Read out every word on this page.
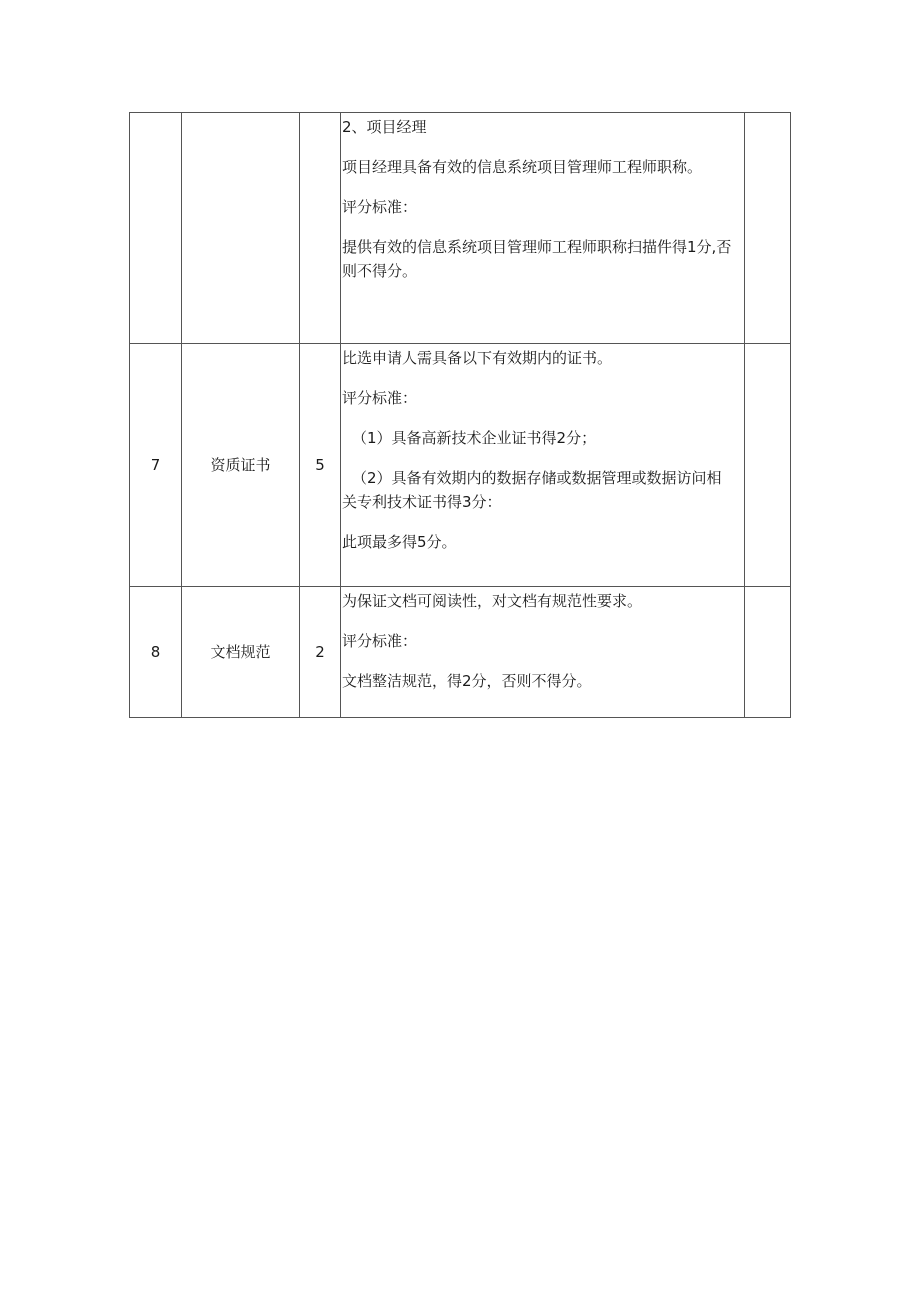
			2、项目经理

项目经理具备有效的信息系统项目管理师工程师职称。

评分标准：

提供有效的信息系统项目管理师工程师职称扫描件得1分,否则不得分。	

7	资质证书	5	比选申请人需具备以下有效期内的证书。

评分标准：

（1）具备高新技术企业证书得2分；

（2）具备有效期内的数据存储或数据管理或数据访问相关专利技术证书得3分：

此项最多得5分。	

8	文档规范	2	为保证文档可阅读性，对文档有规范性要求。

评分标准：

文档整洁规范，得2分，否则不得分。	
